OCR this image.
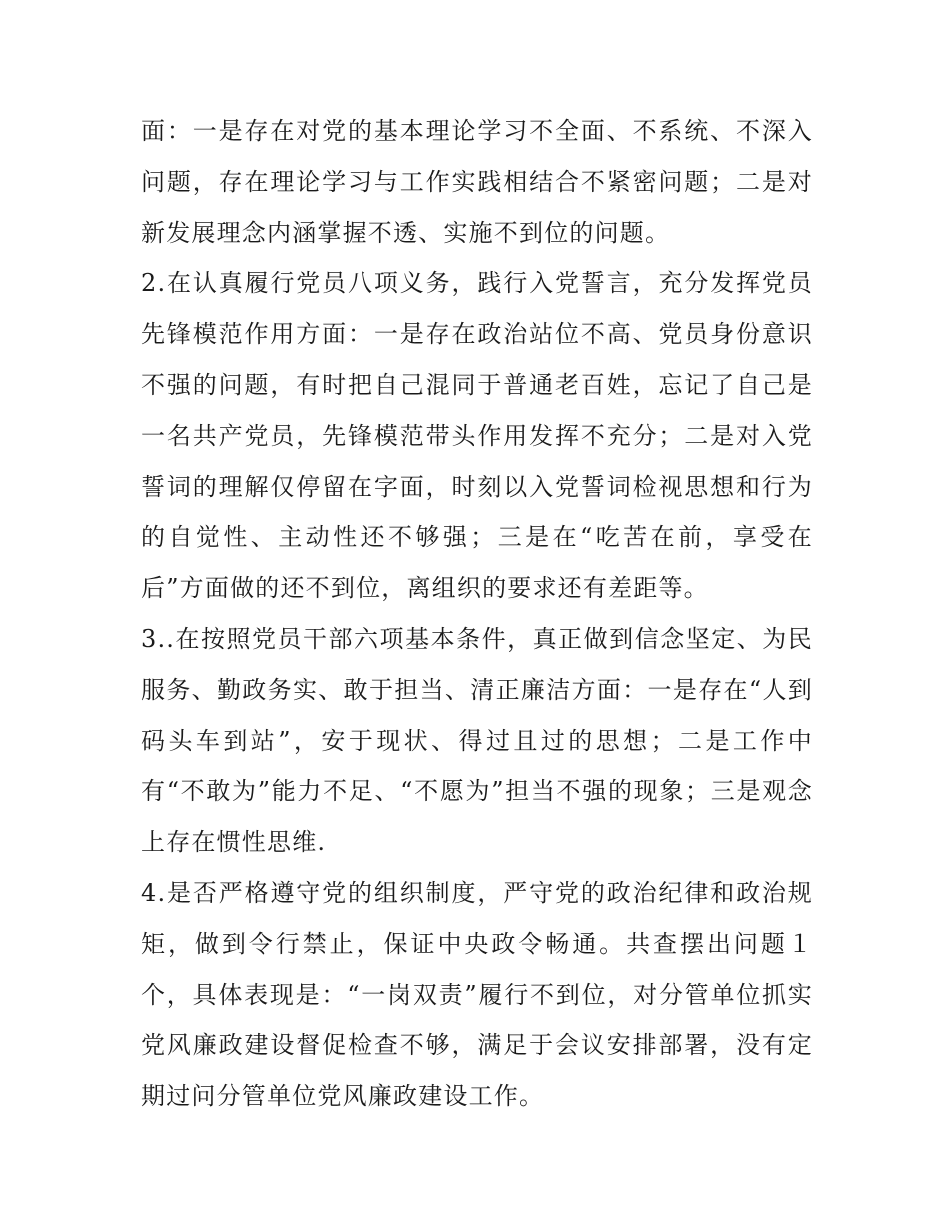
面：一是存在对党的基本理论学习不全面、不系统、不深入问题，存在理论学习与工作实践相结合不紧密问题；二是对新发展理念内涵掌握不透、实施不到位的问题。

2.在认真履行党员八项义务，践行入党誓言，充分发挥党员先锋模范作用方面：一是存在政治站位不高、党员身份意识不强的问题，有时把自己混同于普通老百姓，忘记了自己是一名共产党员，先锋模范带头作用发挥不充分；二是对入党誓词的理解仅停留在字面，时刻以入党誓词检视思想和行为的自觉性、主动性还不够强；三是在“吃苦在前，享受在后”方面做的还不到位，离组织的要求还有差距等。

3..在按照党员干部六项基本条件，真正做到信念坚定、为民服务、勤政务实、敢于担当、清正廉洁方面：一是存在“人到码头车到站”，安于现状、得过且过的思想；二是工作中有“不敢为”能力不足、“不愿为”担当不强的现象；三是观念上存在惯性思维.

4.是否严格遵守党的组织制度，严守党的政治纪律和政治规矩，做到令行禁止，保证中央政令畅通。共查摆出问题１个，具体表现是：“一岗双责”履行不到位，对分管单位抓实党风廉政建设督促检查不够，满足于会议安排部署，没有定期过问分管单位党风廉政建设工作。
